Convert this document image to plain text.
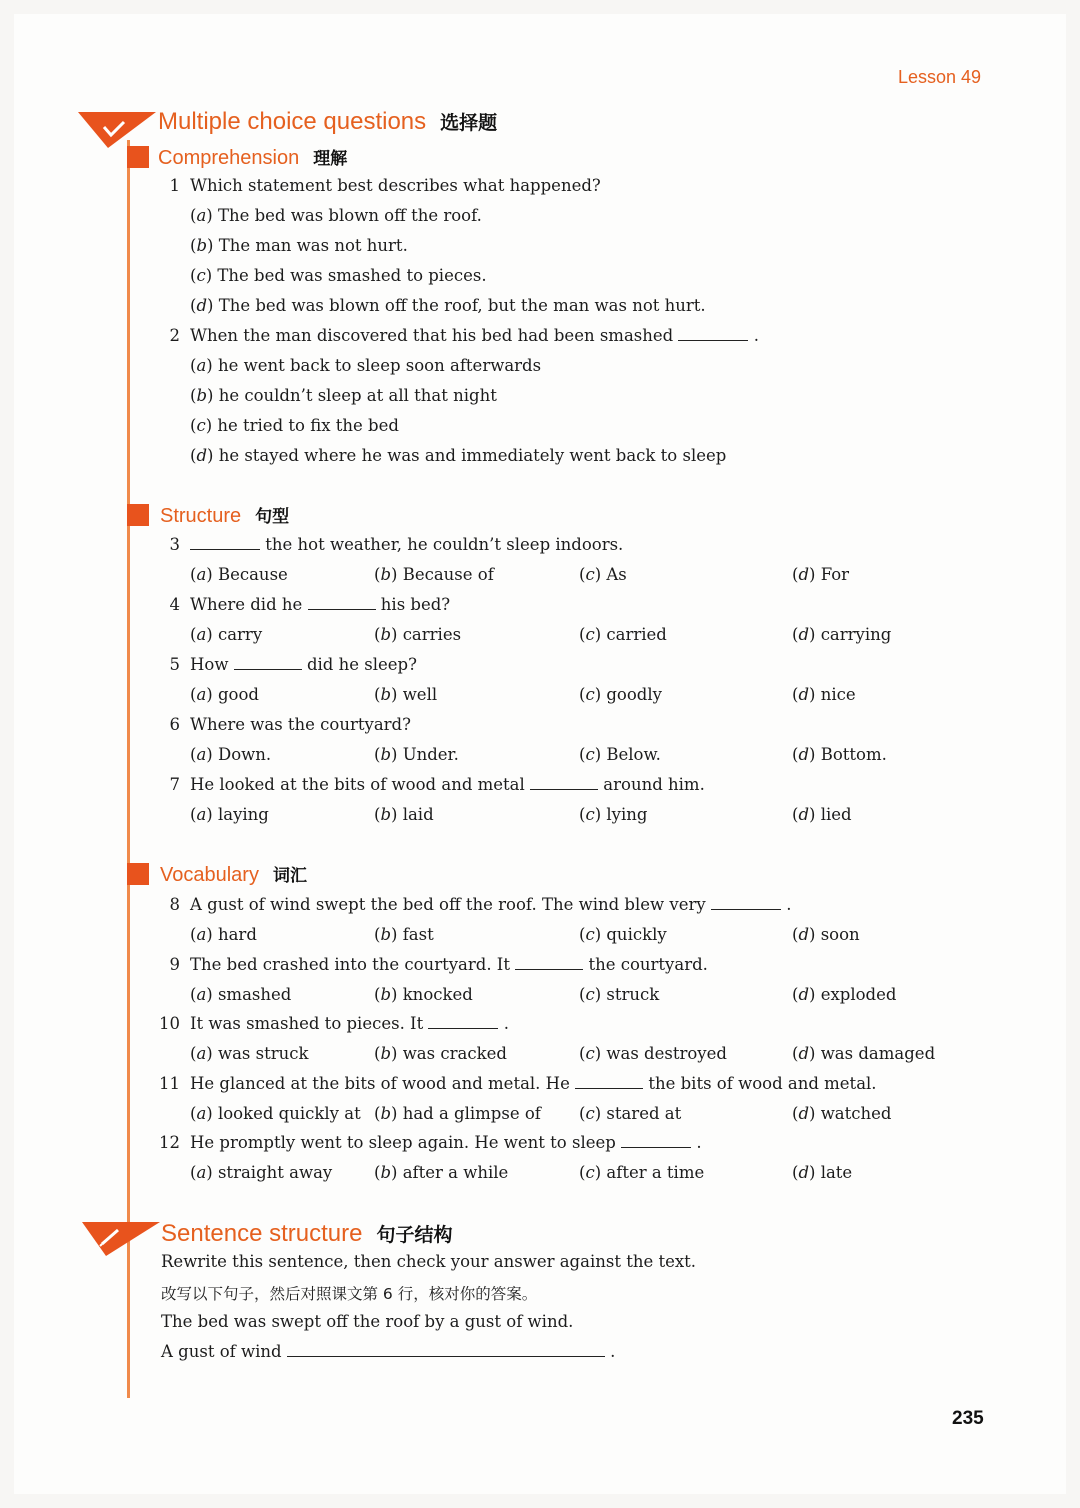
Lesson 49
Multiple choice questions 选择题
Comprehension 理解
1 Which statement best describes what happened?
(a) The bed was blown off the roof.
(b) The man was not hurt.
(c) The bed was smashed to pieces.
(d) The bed was blown off the roof, but the man was not hurt.
2 When the man discovered that his bed had been smashed	.
(a) he went back to sleep soon afterwards
(b) he couldn’t sleep at all that night
(c) he tried to fix the bed
(d) he stayed where he was and immediately went back to sleep
Structure 句型
3	the hot weather, he couldn’t sleep indoors.
(a) Because	(b) Because of	(c) As	(d) For
4 Where did he	his bed?
(a) carry	(b) carries	(c) carried	(d) carrying
5 How	did he sleep?
(a) good	(b) well	(c) goodly	(d) nice
6 Where was the courtyard?
(a) Down.	(b) Under.	(c) Below.	(d) Bottom.
7 He looked at the bits of wood and metal	around him.
(a) laying	(b) laid	(c) lying	(d) lied
Vocabulary 词汇
8 A gust of wind swept the bed off the roof. The wind blew very	.
(a) hard	(b) fast	(c) quickly	(d) soon
9 The bed crashed into the courtyard. It	the courtyard.
(a) smashed	(b) knocked	(c) struck	(d) exploded
10 It was smashed to pieces. It	.
(a) was struck	(b) was cracked	(c) was destroyed	(d) was damaged
11 He glanced at the bits of wood and metal. He	the bits of wood and metal.
(a) looked quickly at (b) had a glimpse of (c) stared at	(d) watched
12 He promptly went to sleep again. He went to sleep	.
(a) straight away	(b) after a while	(c) after a time	(d) late
Sentence structure 句子结构
Rewrite this sentence, then check your answer against the text.
改写以下句子，然后对照课文第 6 行，核对你的答案。
The bed was swept off the roof by a gust of wind.
A gust of wind	.
235
